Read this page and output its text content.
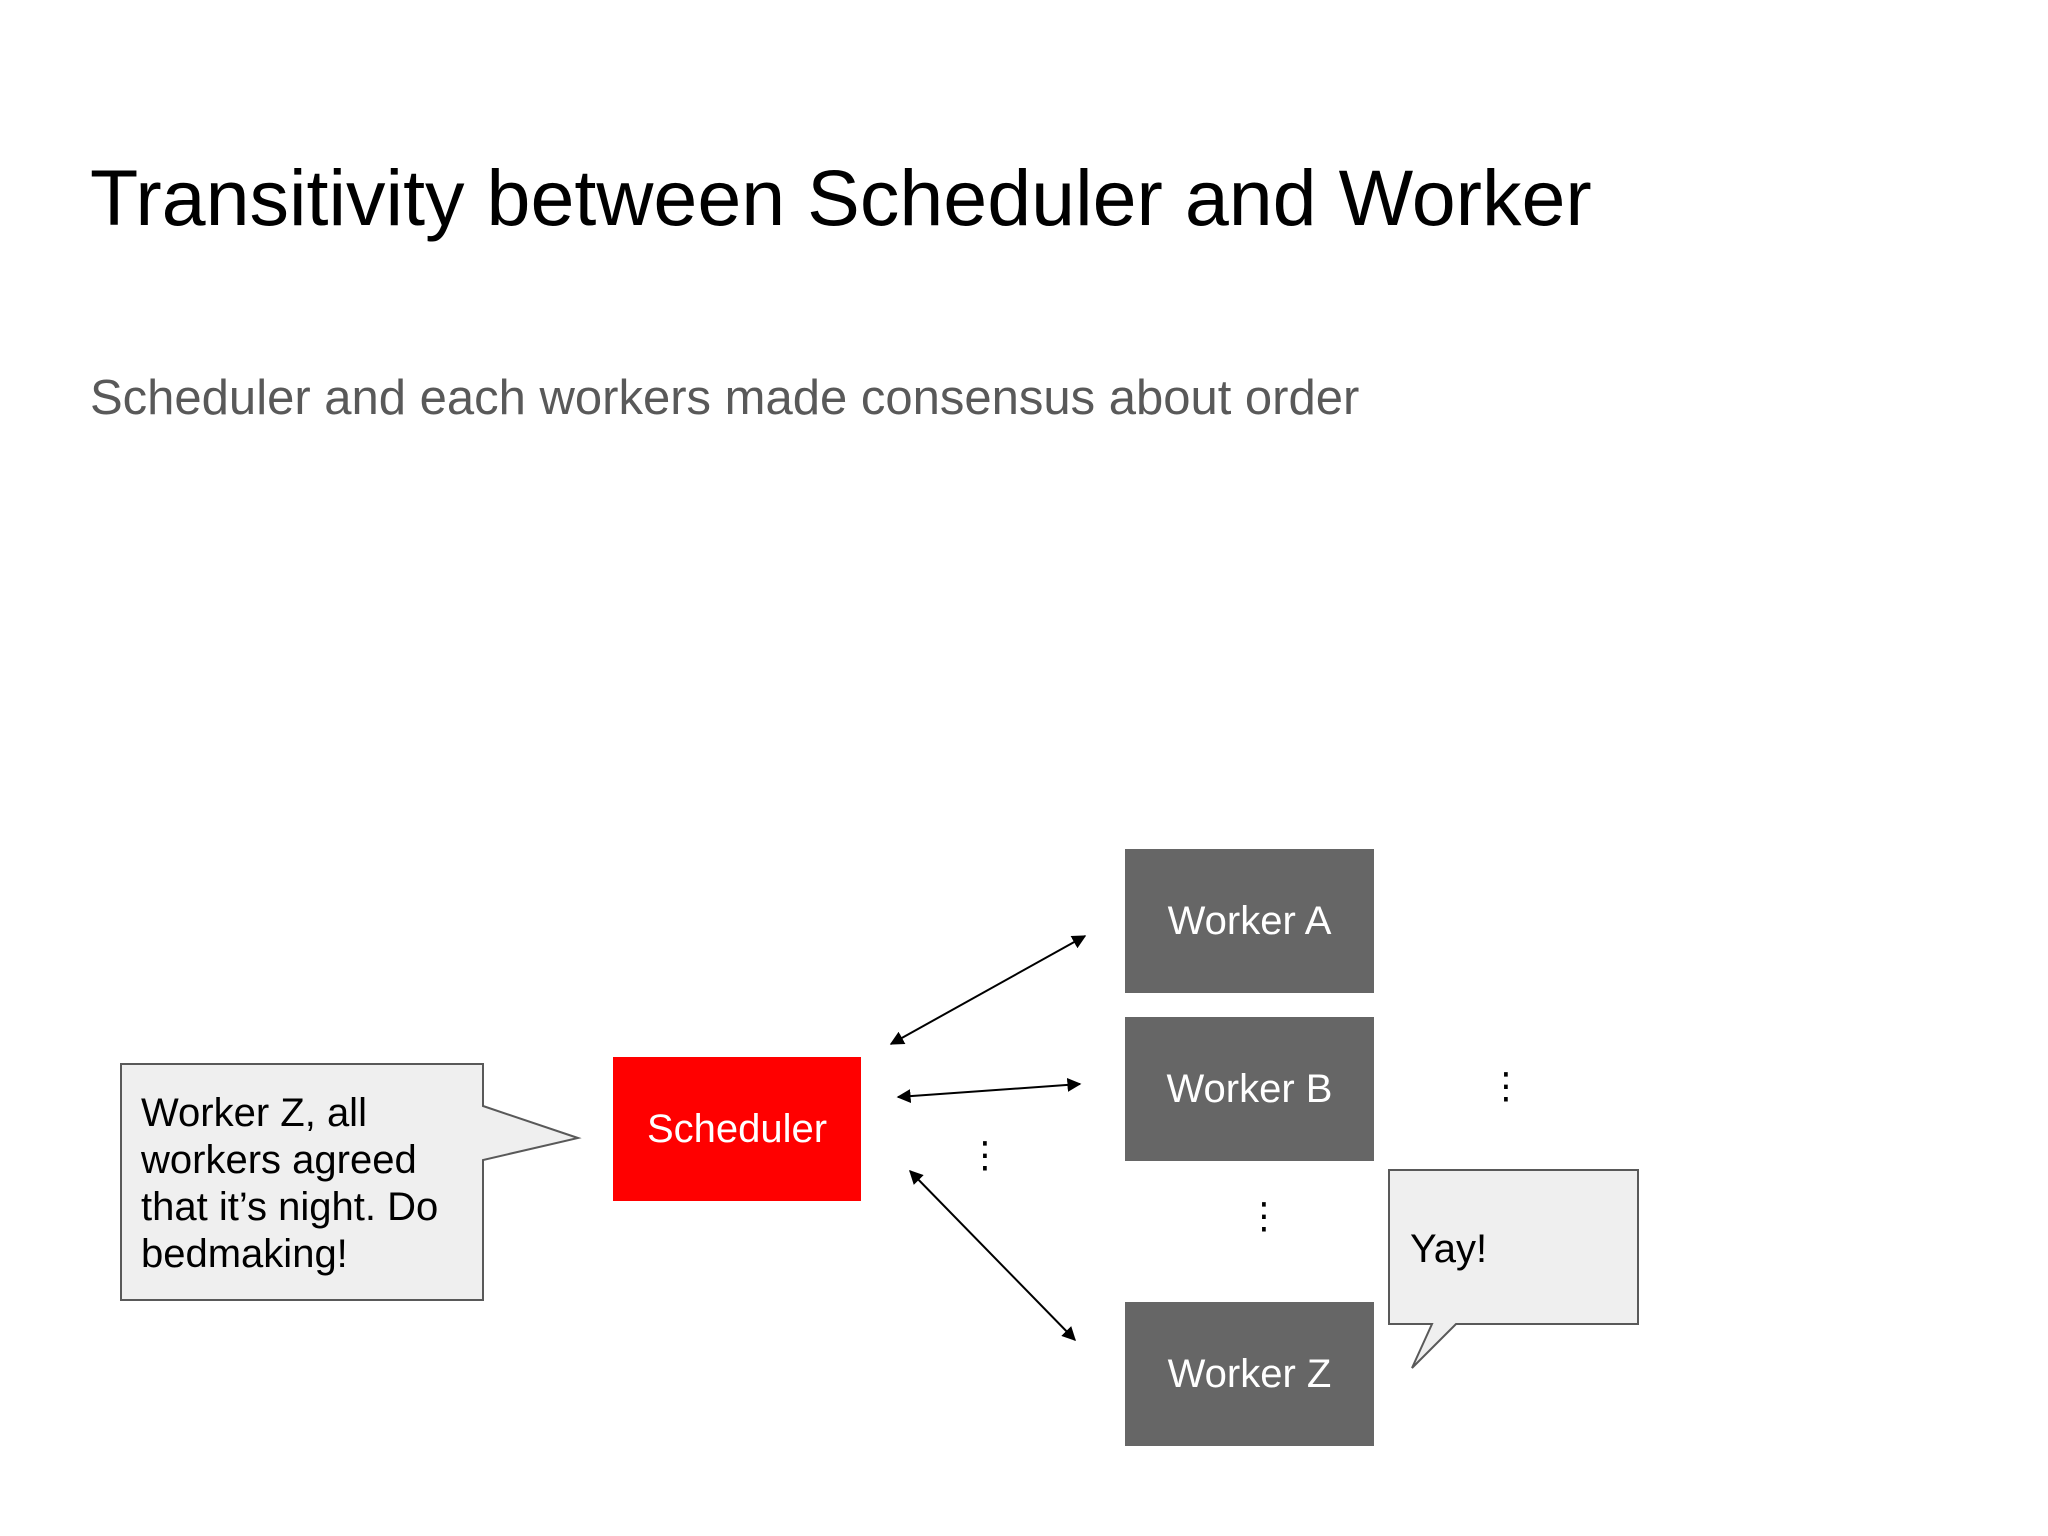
Transitivity between Scheduler and Worker

Scheduler and each workers made consensus about order

Scheduler
Worker A
Worker B
Worker Z
Worker Z, all
workers agreed
that it’s night. Do
bedmaking!	Yay!
⋮
⋮
⋮
